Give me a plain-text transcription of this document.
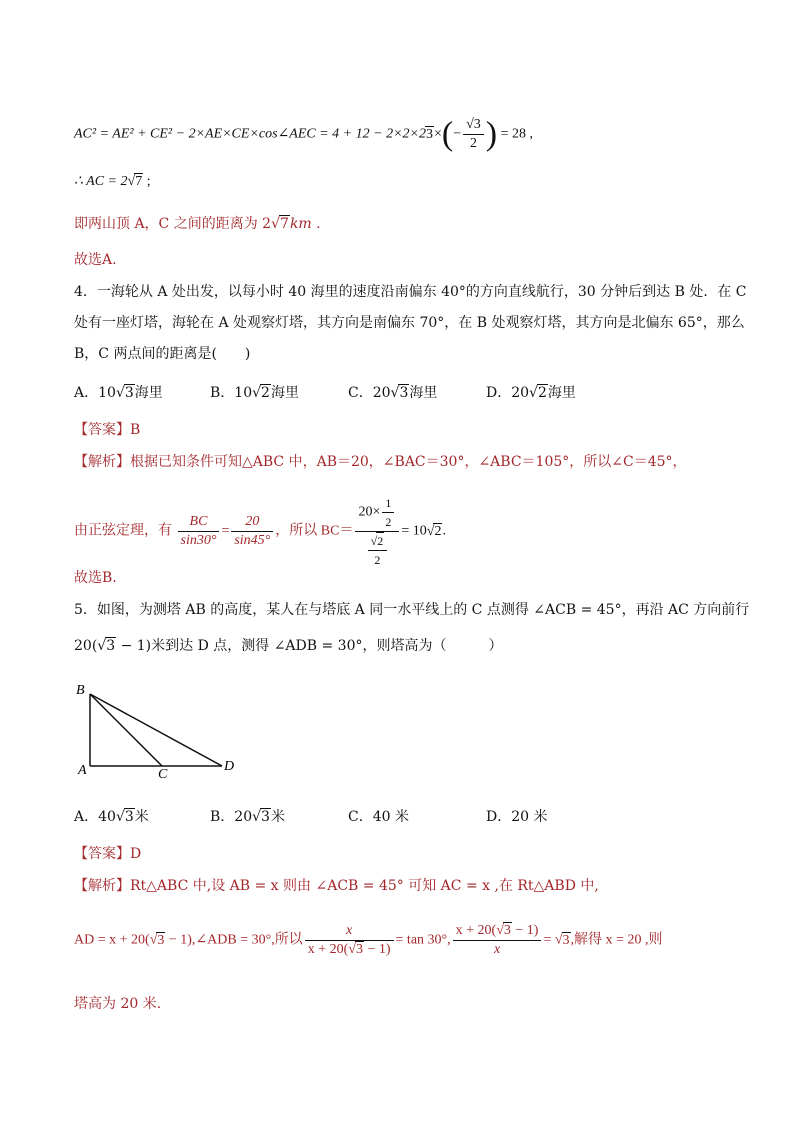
AC² = AE² + CE² − 2×AE×CE×cos∠AEC = $4 + 12 - 2\times 2\times 23\times(- \frac{√3}{2}$ ) = 28 ,
∴ AC = 2√7 ;
即两山顶 A，C 之间的距离为 2√7km .
故选A.
4．一海轮从 A 处出发，以每小时 40 海里的速度沿南偏东 40°的方向直线航行，30 分钟后到达 B 处．在 C
处有一座灯塔，海轮在 A 处观察灯塔，其方向是南偏东 70°，在 B 处观察灯塔，其方向是北偏东 65°，那么
B，C 两点间的距离是(　　)
A．10√3海里	B．10√2海里	C．20√3海里	D．20√2海里
【答案】B
【解析】根据已知条件可知△ABC 中，AB＝20，∠BAC＝30°，∠ABC＝105°，所以∠C＝45°，
由正弦定理，有 $\frac{BC}{\sin 30^\circ} = \frac{20}{\sin 45^\circ}$ ，所以 $BC= \frac{20\times \frac{1}{2}}{\frac{√2}{2}} = 10√2$.
故选B.
5．如图，为测塔 AB 的高度，某人在与塔底 A 同一水平线上的 C 点测得 ∠ACB = 45°，再沿 AC 方向前行
20(√3 − 1)米到达 D 点，测得 ∠ADB = 30°，则塔高为（　　　）
B
A	C
D
A．40√3米	B．20√3米	C．40 米	D．20 米
【答案】D
【解析】Rt△ABC 中,设 AB = x 则由 ∠ACB = 45° 可知 AC = x ,在 Rt△ABD 中,
AD = x + 20(√3 − 1),∠ADB = 30°,所以 $\frac{x}{x + 20(√3 - 1)} = \tan 30^\circ$, $\frac{x + 20(√3 - 1)}{x} = √3$,解得 x = 20 ,则
塔高为 20 米.
